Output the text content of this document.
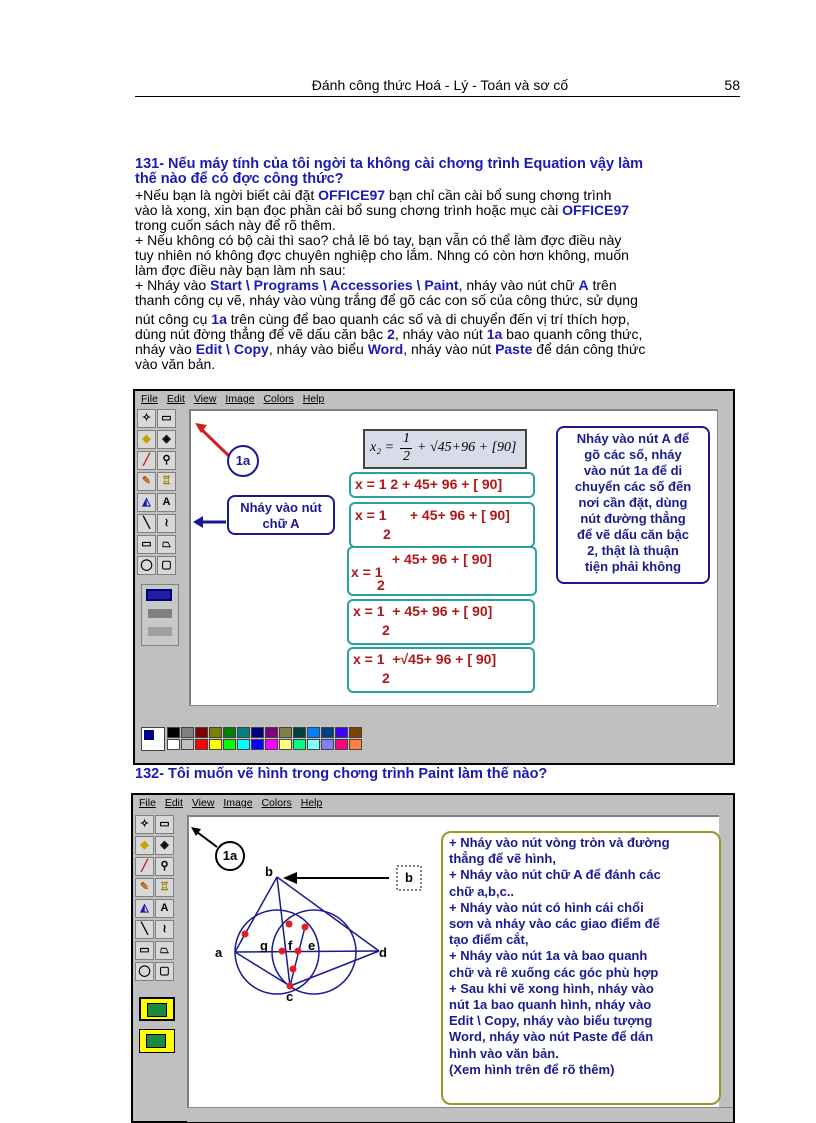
Đánh công thức Hoá - Lý - Toán và sơ cố	58
131- Nếu máy tính của tôi ngời ta không cài chơng trình Equation vậy làm
thế nào để có đợc công thức?
+Nếu bạn là ngời biết cài đặt OFFICE97 bạn chỉ cần cài bổ sung chơng trình
vào là xong, xin bạn đọc phần cài bổ sung chơng trình hoặc mục cài OFFICE97
trong cuốn sách này để rõ thêm.
+ Nếu không có bộ cài thì sao? chả lẽ bó tay, bạn vẫn có thể làm đợc điều này
tuy nhiên nó không đợc chuyên nghiệp cho lắm. Nhng có còn hơn không, muốn
làm đợc điều này bạn làm nh sau:
+ Nháy vào Start \ Programs \ Accessories \ Paint, nháy vào nút chữ A trên
thanh công cụ vẽ, nháy vào vùng trắng để gõ các con số của công thức, sử dụng
nút công cụ 1a trên cùng để bao quanh các số và di chuyển đến vị trí thích hợp,
dùng nút đờng thẳng để vẽ dấu căn bậc 2, nháy vào nút 1a bao quanh công thức,
nháy vào Edit \ Copy, nháy vào biểu Word, nháy vào nút Paste để dán công thức
vào văn bản.
File Edit View Image Colors Help
✧ ▭
◆	◈
╱	⚲
✎ ♖
◭	A
╲	≀
▭ ⏢
◯ ▢
1a
Nháy vào nút
chữ A
x₂ =
1
2
+ √45+96 + [90]
x = 1 2 + 45+ 96 + [ 90]
x = 1      + 45+ 96 + [ 90]
2
+ 45+ 96 + [ 90]
x = 1
2
x = 1  + 45+ 96 + [ 90]
2
x = 1  +√45+ 96 + [ 90]
2
Nháy vào nút A để
gõ các số, nháy
vào nút 1a để di
chuyển các số đến
nơi cần đặt, dùng
nút đường thẳng
để vẽ dấu căn bậc
2, thật là thuận
tiện phải không
132- Tôi muốn vẽ hình trong chơng trình Paint làm thế nào?
File Edit View Image Colors Help
✧ ▭
◆	◈
╱	⚲
✎ ♖
◭	A
╲	≀
▭ ⏢
◯ ▢
1a
b
a
c
d
e
f
g
b
+ Nháy vào nút vòng tròn và đường
thẳng để vẽ hình,
+ Nháy vào nút chữ A để đánh các
chữ a,b,c..
+ Nháy vào nút có hình cái chổi
sơn và nháy vào các giao điểm để
tạo điểm cắt,
+ Nháy vào nút 1a và bao quanh
chữ và rê xuống các góc phù hợp
+ Sau khi vẽ xong hình, nháy vào
nút 1a bao quanh hình, nháy vào
Edit \ Copy, nháy vào biểu tượng
Word, nháy vào nút Paste để dán
hình vào văn bản.
(Xem hình trên để rõ thêm)
